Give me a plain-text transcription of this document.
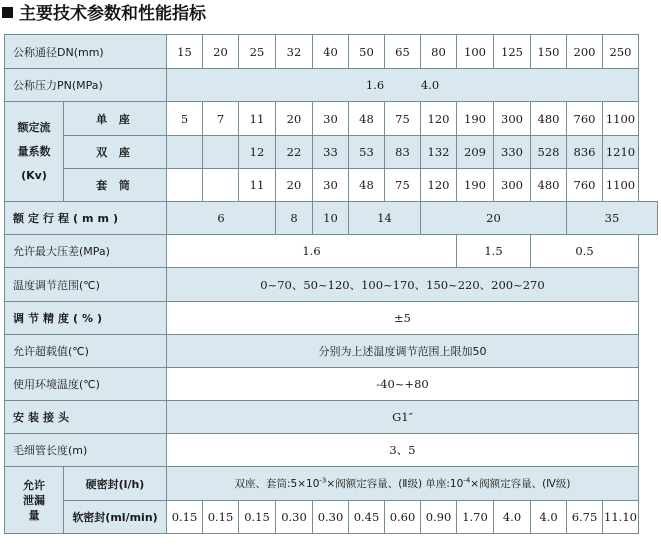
主要技术参数和性能指标
公称通径DN(mm)		15	20	25	32	40	50	65	80	100	125	150	200	250
公称压力PN(MPa)		1.6 4.0												

额定流
量系数
(Kv)	单 座	5	7	11	20	30	48	75	120	190	300	480	760	1100
	双 座			12	22	33	53	83	132	209	330	528	836	1210
	套 筒			11	20	30	48	75	120	190	300	480	760	1100
额定行程(mm)		6			8	10	14		20				35	
允许最大压差(MPa)		1.6								1.5		0.5		
温度调节范围(℃)		0~70、50~120、100~170、150~220、200~270												
调节精度(%)		±5												
允许超载值(℃)		分别为上述温度调节范围上限加50												
使用环境温度(℃)		-40~+80												
安装接头		G1″												
毛细管长度(m)		3、5												

允许
泄漏
量	硬密封(l/h)	双座、套筒$:5\times 10^{-3}\times$阀额定容量、(Ⅱ级) 单座$:10^{-4}\times$阀额定容量、(Ⅳ级)												
	软密封(ml/min)	0.15	0.15	0.15	0.30	0.30	0.45	0.60	0.90	1.70	4.0	4.0	6.75	11.10
